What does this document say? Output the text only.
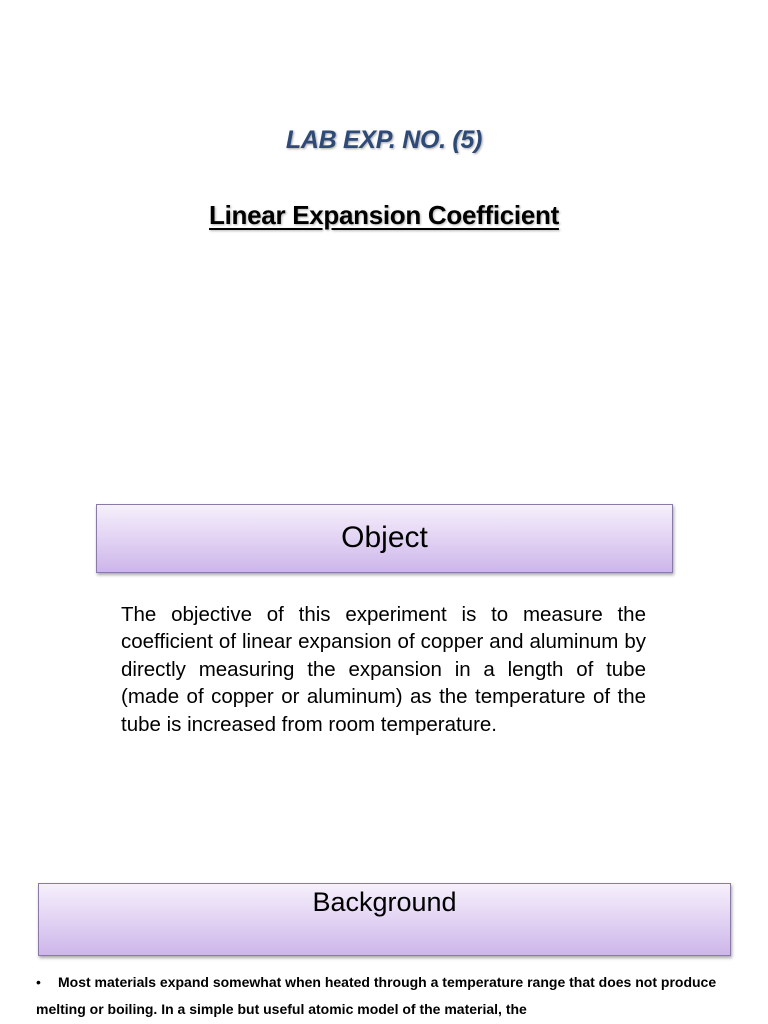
LAB EXP. NO. (5)
Linear Expansion Coefficient
Object

The objective of this experiment is to measure the coefficient of linear expansion of copper and aluminum by directly measuring the expansion in a length of tube (made of copper or aluminum) as the temperature of the tube is increased from room temperature.

Background

• Most materials expand somewhat when heated through a temperature range that does not produce melting or boiling. In a simple but useful atomic model of the material, the
